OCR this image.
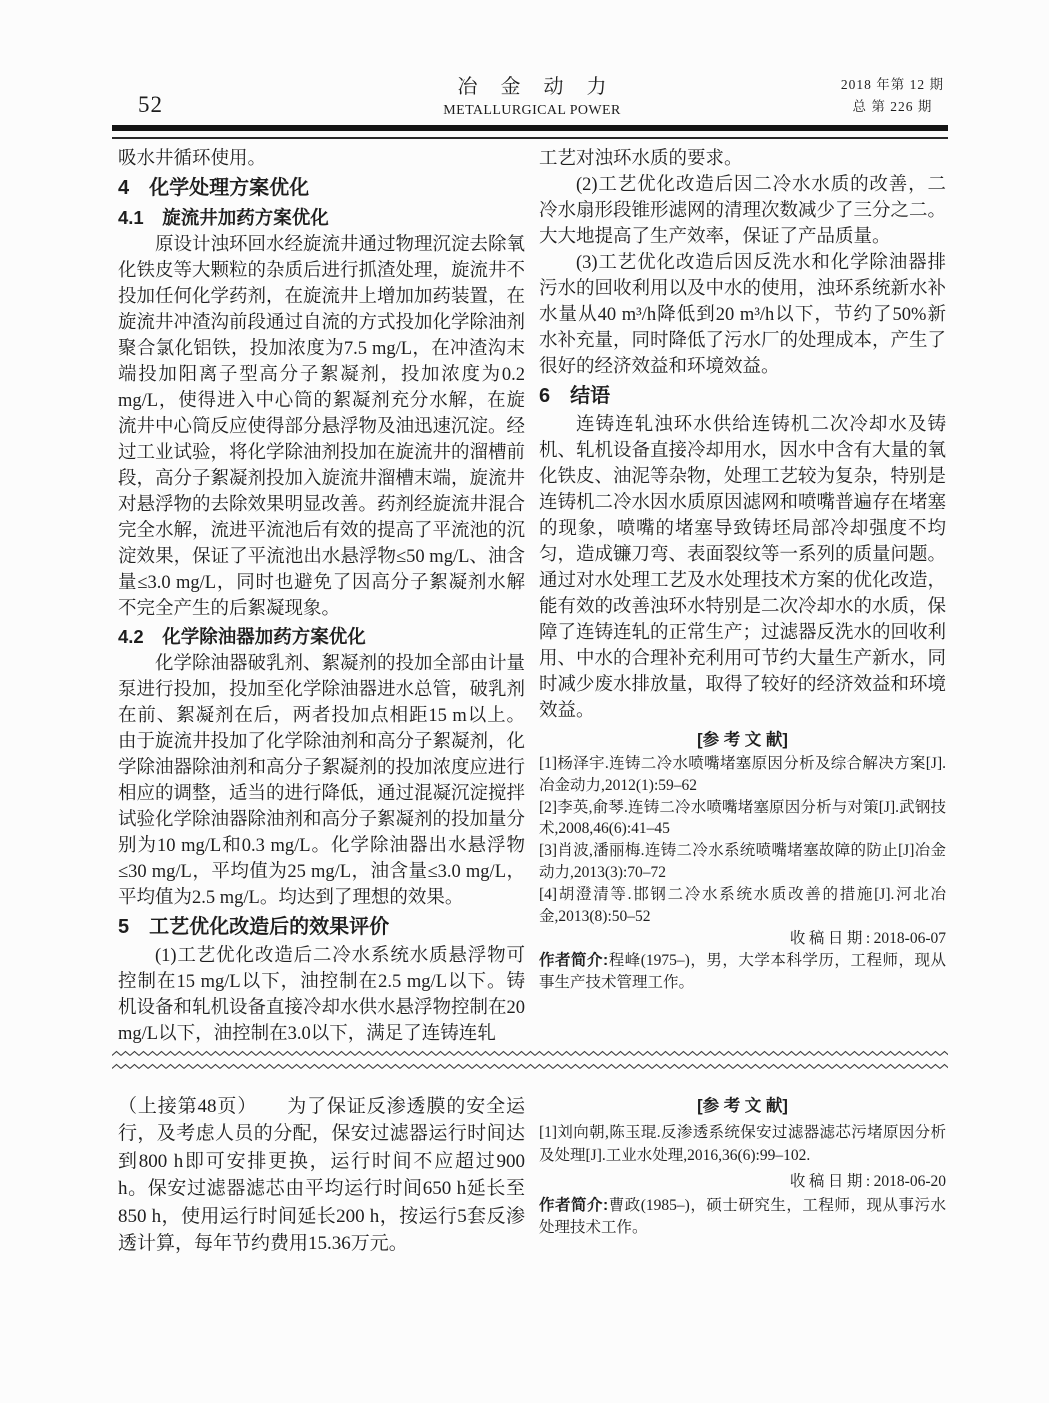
52
冶 金 动 力
METALLURGICAL POWER
2018 年第 12 期
总 第 226 期

吸水井循环使用。

4　化学处理方案优化
4.1　旋流井加药方案优化

原设计浊环回水经旋流井通过物理沉淀去除氧化铁皮等大颗粒的杂质后进行抓渣处理，旋流井不投加任何化学药剂，在旋流井上增加加药装置，在旋流井冲渣沟前段通过自流的方式投加化学除油剂聚合氯化铝铁，投加浓度为7.5 mg/L，在冲渣沟末端投加阳离子型高分子絮凝剂，投加浓度为0.2 mg/L，使得进入中心筒的絮凝剂充分水解，在旋流井中心筒反应使得部分悬浮物及油迅速沉淀。经过工业试验，将化学除油剂投加在旋流井的溜槽前段，高分子絮凝剂投加入旋流井溜槽末端，旋流井对悬浮物的去除效果明显改善。药剂经旋流井混合完全水解，流进平流池后有效的提高了平流池的沉淀效果，保证了平流池出水悬浮物≤50 mg/L、油含量≤3.0 mg/L，同时也避免了因高分子絮凝剂水解不完全产生的后絮凝现象。

4.2　化学除油器加药方案优化

化学除油器破乳剂、絮凝剂的投加全部由计量泵进行投加，投加至化学除油器进水总管，破乳剂在前、絮凝剂在后，两者投加点相距15 m以上。由于旋流井投加了化学除油剂和高分子絮凝剂，化学除油器除油剂和高分子絮凝剂的投加浓度应进行相应的调整，适当的进行降低，通过混凝沉淀搅拌试验化学除油器除油剂和高分子絮凝剂的投加量分别为10 mg/L和0.3 mg/L。化学除油器出水悬浮物≤30 mg/L，平均值为25 mg/L，油含量≤3.0 mg/L，平均值为2.5 mg/L。均达到了理想的效果。

5　工艺优化改造后的效果评价

(1)工艺优化改造后二冷水系统水质悬浮物可控制在15 mg/L以下，油控制在2.5 mg/L以下。铸机设备和轧机设备直接冷却水供水悬浮物控制在20 mg/L以下，油控制在3.0以下，满足了连铸连轧

工艺对浊环水质的要求。

(2)工艺优化改造后因二冷水水质的改善，二冷水扇形段锥形滤网的清理次数减少了三分之二。大大地提高了生产效率，保证了产品质量。

(3)工艺优化改造后因反洗水和化学除油器排污水的回收利用以及中水的使用，浊环系统新水补水量从40 m³/h降低到20 m³/h以下，节约了50%新水补充量，同时降低了污水厂的处理成本，产生了很好的经济效益和环境效益。

6　结语

连铸连轧浊环水供给连铸机二次冷却水及铸机、轧机设备直接冷却用水，因水中含有大量的氧化铁皮、油泥等杂物，处理工艺较为复杂，特别是连铸机二冷水因水质原因滤网和喷嘴普遍存在堵塞的现象，喷嘴的堵塞导致铸坯局部冷却强度不均匀，造成镰刀弯、表面裂纹等一系列的质量问题。通过对水处理工艺及水处理技术方案的优化改造，能有效的改善浊环水特别是二次冷却水的水质，保障了连铸连轧的正常生产；过滤器反洗水的回收利用、中水的合理补充利用可节约大量生产新水，同时减少废水排放量，取得了较好的经济效益和环境效益。

[参 考 文 献]

[1]杨泽宇.连铸二冷水喷嘴堵塞原因分析及综合解决方案[J].冶金动力,2012(1):59–62

[2]李英,俞琴.连铸二冷水喷嘴堵塞原因分析与对策[J].武钢技术,2008,46(6):41–45

[3]肖波,潘丽梅.连铸二冷水系统喷嘴堵塞故障的防止[J]冶金动力,2013(3):70–72

[4]胡澄清等.邯钢二冷水系统水质改善的措施[J].河北冶金,2013(8):50–52

收稿日期:2018-06-07

作者简介:程峰(1975–)，男，大学本科学历，工程师，现从事生产技术管理工作。

（上接第48页） 为了保证反渗透膜的安全运行，及考虑人员的分配，保安过滤器运行时间达到800 h即可安排更换，运行时间不应超过900 h。保安过滤器滤芯由平均运行时间650 h延长至850 h，使用运行时间延长200 h，按运行5套反渗透计算，每年节约费用15.36万元。

[参 考 文 献]

[1]刘向朝,陈玉琨.反渗透系统保安过滤器滤芯污堵原因分析及处理[J].工业水处理,2016,36(6):99–102.

收稿日期:2018-06-20

作者简介:曹政(1985–)，硕士研究生，工程师，现从事污水处理技术工作。
